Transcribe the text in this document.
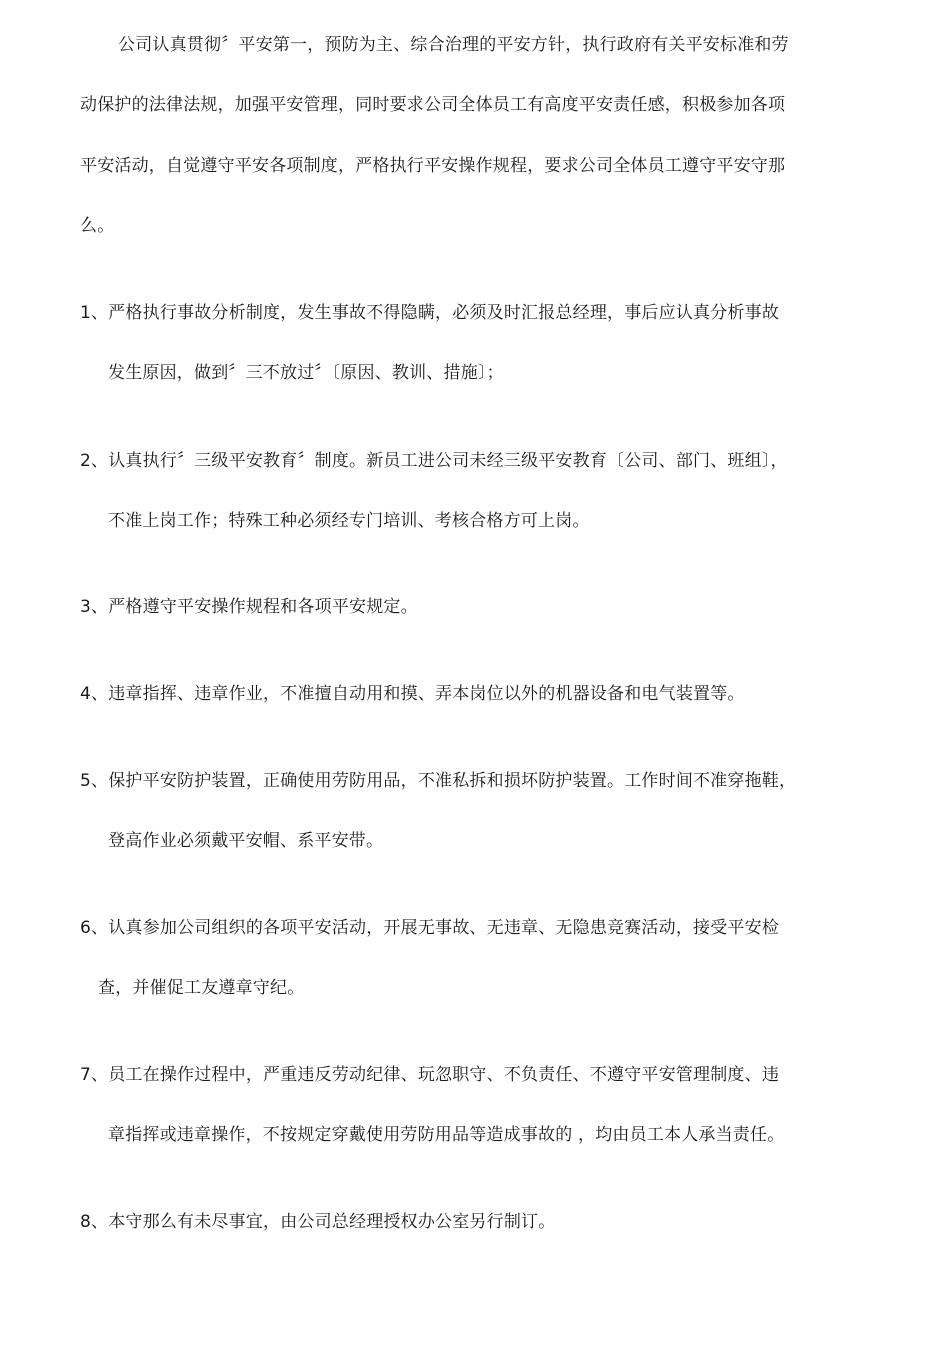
公司认真贯彻〞平安第一，预防为主、综合治理的平安方针，执行政府有关平安标准和劳
动保护的法律法规，加强平安管理，同时要求公司全体员工有高度平安责任感，积极参加各项
平安活动，自觉遵守平安各项制度，严格执行平安操作规程，要求公司全体员工遵守平安守那
么。
1、严格执行事故分析制度，发生事故不得隐瞒，必须及时汇报总经理，事后应认真分析事故
发生原因，做到〞三不放过〞〔原因、教训、措施〕；
2、认真执行〞三级平安教育〞制度。新员工进公司未经三级平安教育〔公司、部门、班组〕，
不准上岗工作；特殊工种必须经专门培训、考核合格方可上岗。
3、严格遵守平安操作规程和各项平安规定。
4、违章指挥、违章作业，不准擅自动用和摸、弄本岗位以外的机器设备和电气装置等。
5、保护平安防护装置，正确使用劳防用品，不准私拆和损坏防护装置。工作时间不准穿拖鞋，
登高作业必须戴平安帽、系平安带。
6、认真参加公司组织的各项平安活动，开展无事故、无违章、无隐患竞赛活动，接受平安检
查，并催促工友遵章守纪。
7、员工在操作过程中，严重违反劳动纪律、玩忽职守、不负责任、不遵守平安管理制度、违
章指挥或违章操作，不按规定穿戴使用劳防用品等造成事故的 ，均由员工本人承当责任。
8、本守那么有未尽事宜，由公司总经理授权办公室另行制订。
